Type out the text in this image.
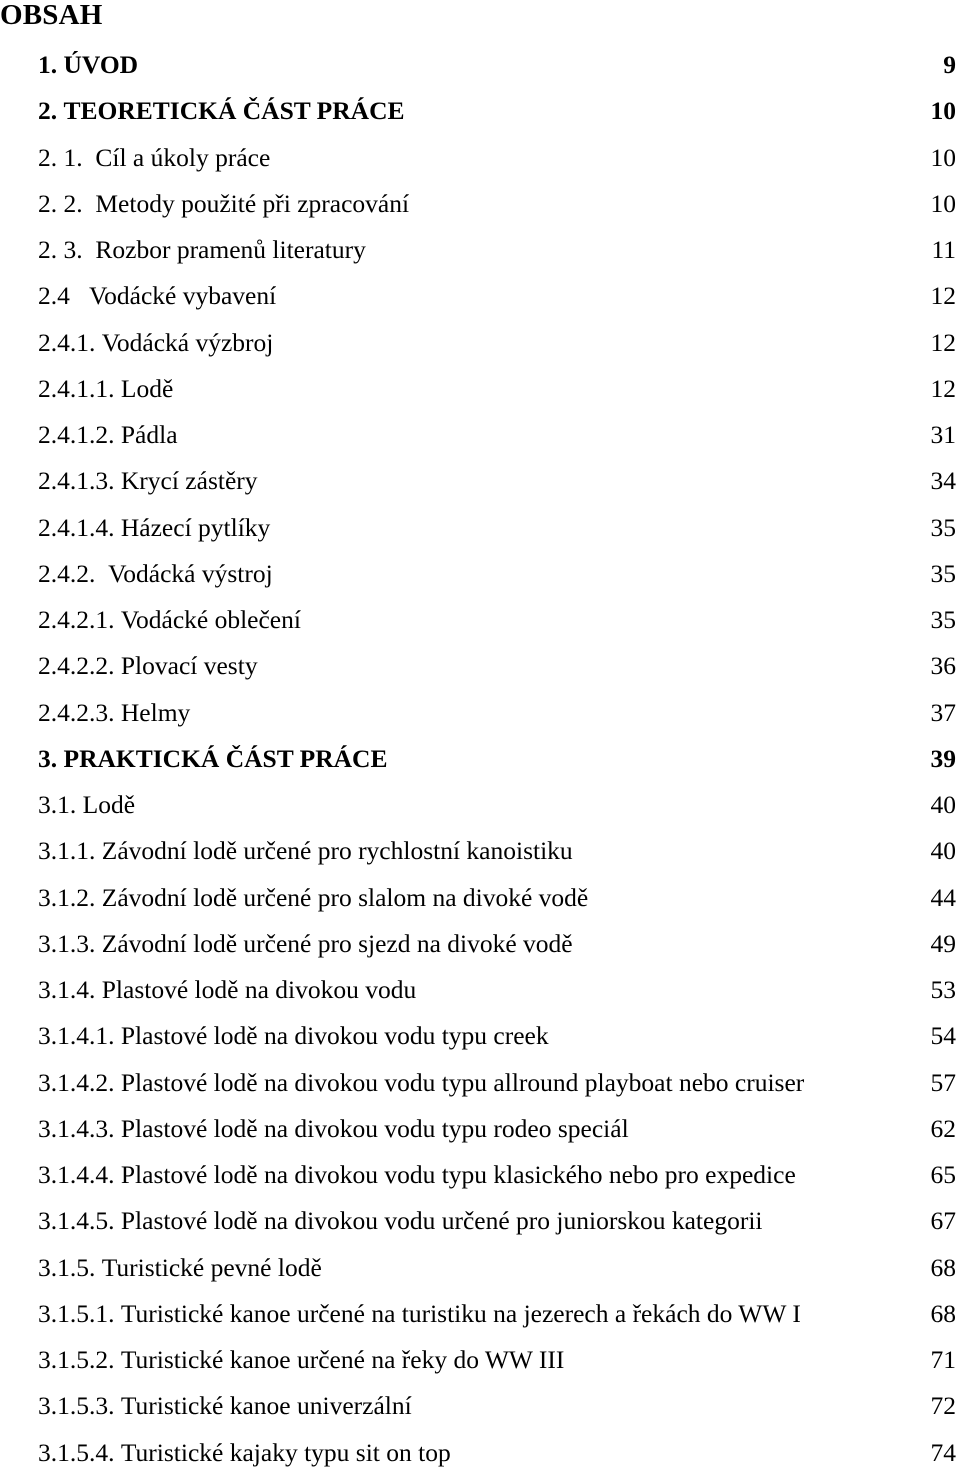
OBSAH
1. ÚVOD	9
2. TEORETICKÁ ČÁST PRÁCE	10
2. 1.  Cíl a úkoly práce	10
2. 2.  Metody použité při zpracování	10
2. 3.  Rozbor pramenů literatury	11
2.4   Vodácké vybavení	12
2.4.1. Vodácká výzbroj	12
2.4.1.1. Lodě	12
2.4.1.2. Pádla	31
2.4.1.3. Krycí zástěry	34
2.4.1.4. Házecí pytlíky	35
2.4.2.  Vodácká výstroj	35
2.4.2.1. Vodácké oblečení	35
2.4.2.2. Plovací vesty	36
2.4.2.3. Helmy	37
3. PRAKTICKÁ ČÁST PRÁCE	39
3.1. Lodě	40
3.1.1. Závodní lodě určené pro rychlostní kanoistiku	40
3.1.2. Závodní lodě určené pro slalom na divoké vodě	44
3.1.3. Závodní lodě určené pro sjezd na divoké vodě	49
3.1.4. Plastové lodě na divokou vodu	53
3.1.4.1. Plastové lodě na divokou vodu typu creek	54
3.1.4.2. Plastové lodě na divokou vodu typu allround playboat nebo cruiser	57
3.1.4.3. Plastové lodě na divokou vodu typu rodeo speciál	62
3.1.4.4. Plastové lodě na divokou vodu typu klasického nebo pro expedice	65
3.1.4.5. Plastové lodě na divokou vodu určené pro juniorskou kategorii	67
3.1.5. Turistické pevné lodě	68
3.1.5.1. Turistické kanoe určené na turistiku na jezerech a řekách do WW I	68
3.1.5.2. Turistické kanoe určené na řeky do WW III	71
3.1.5.3. Turistické kanoe univerzální	72
3.1.5.4. Turistické kajaky typu sit on top	74
